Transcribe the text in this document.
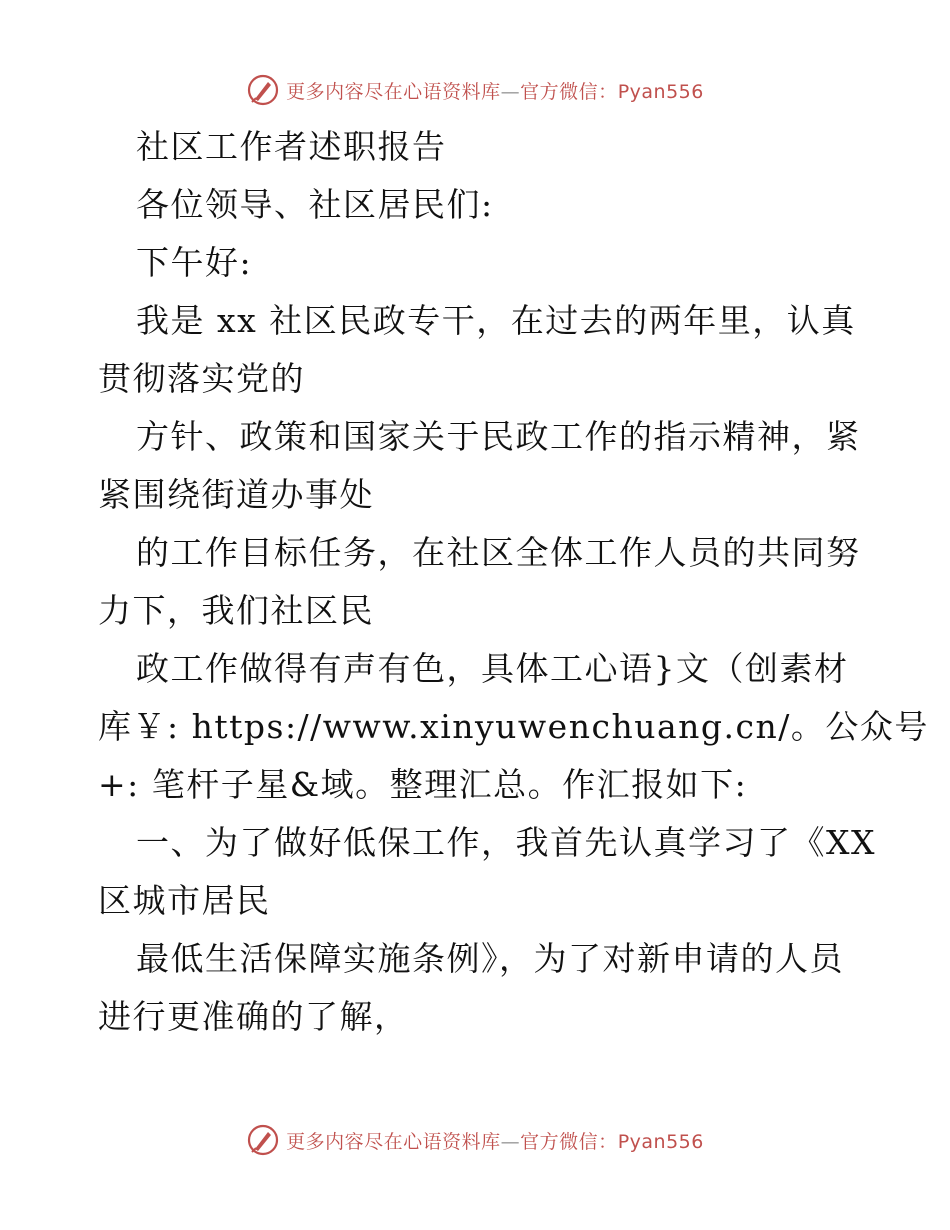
更多内容尽在心语资料库—官方微信：Pyan556
社区工作者述职报告
各位领导、社区居民们:
下午好:
我是 xx 社区民政专干，在过去的两年里，认真
贯彻落实党的
方针、政策和国家关于民政工作的指示精神，紧
紧围绕街道办事处
的工作目标任务，在社区全体工作人员的共同努
力下，我们社区民
政工作做得有声有色，具体工心语}文（创素材
库￥: https://www.xinyuwenchuang.cn/。公众号
+: 笔杆子星&域。整理汇总。作汇报如下:
一、为了做好低保工作，我首先认真学习了《XX
区城市居民
最低生活保障实施条例》，为了对新申请的人员
进行更准确的了解，
更多内容尽在心语资料库—官方微信：Pyan556
